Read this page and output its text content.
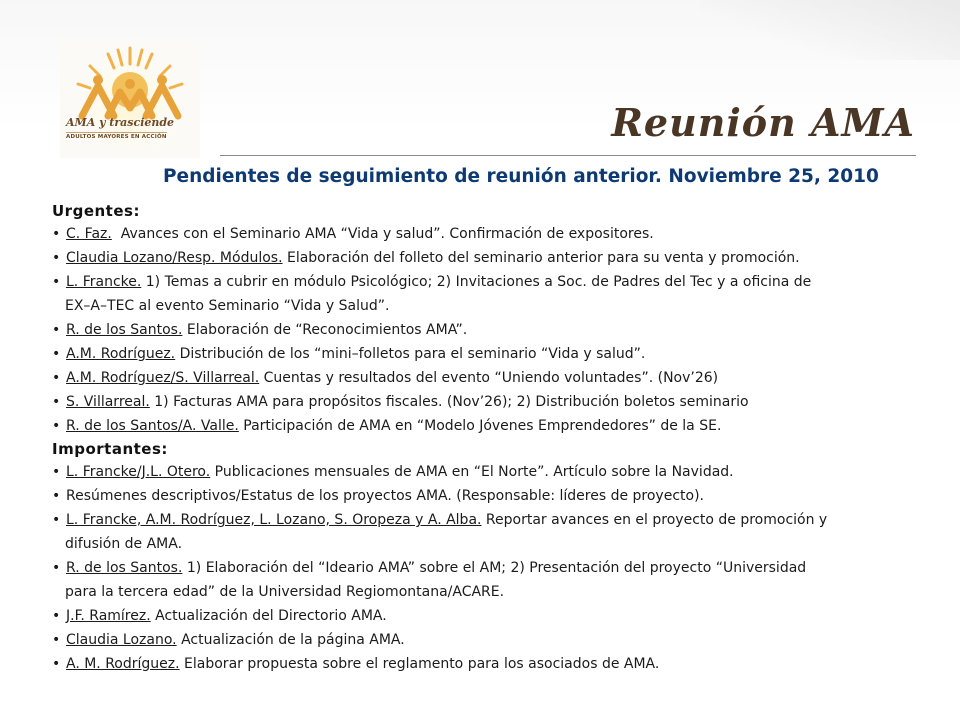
AMA y trasciende
ADULTOS MAYORES EN ACCIÓN	Reunión AMA
Pendientes de seguimiento de reunión anterior. Noviembre 25, 2010
Urgentes:
• C. Faz.  Avances con el Seminario AMA “Vida y salud”. Confirmación de expositores.
• Claudia Lozano/Resp. Módulos. Elaboración del folleto del seminario anterior para su venta y promoción.
• L. Francke. 1) Temas a cubrir en módulo Psicológico; 2) Invitaciones a Soc. de Padres del Tec y a oficina de
EX–A–TEC al evento Seminario “Vida y Salud”.
• R. de los Santos. Elaboración de “Reconocimientos AMA”.
• A.M. Rodríguez. Distribución de los “mini–folletos para el seminario “Vida y salud”.
• A.M. Rodríguez/S. Villarreal. Cuentas y resultados del evento “Uniendo voluntades”. (Nov’26)
• S. Villarreal. 1) Facturas AMA para propósitos fiscales. (Nov’26); 2) Distribución boletos seminario
• R. de los Santos/A. Valle. Participación de AMA en “Modelo Jóvenes Emprendedores” de la SE.
Importantes:
• L. Francke/J.L. Otero. Publicaciones mensuales de AMA en “El Norte”. Artículo sobre la Navidad.
• Resúmenes descriptivos/Estatus de los proyectos AMA. (Responsable: líderes de proyecto).
• L. Francke, A.M. Rodríguez, L. Lozano, S. Oropeza y A. Alba. Reportar avances en el proyecto de promoción y
difusión de AMA.
• R. de los Santos. 1) Elaboración del “Ideario AMA” sobre el AM; 2) Presentación del proyecto “Universidad
para la tercera edad” de la Universidad Regiomontana/ACARE.
• J.F. Ramírez. Actualización del Directorio AMA.
• Claudia Lozano. Actualización de la página AMA.
• A. M. Rodríguez. Elaborar propuesta sobre el reglamento para los asociados de AMA.
